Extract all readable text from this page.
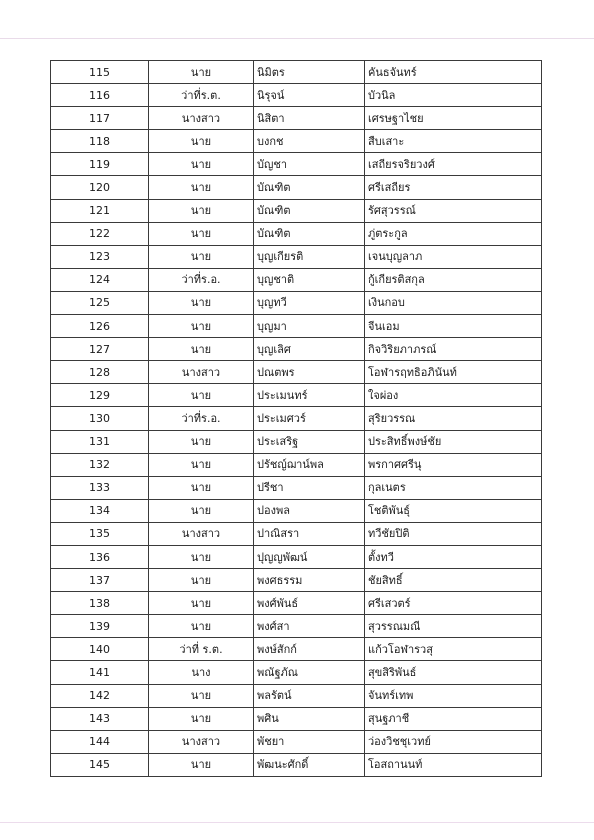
115	นาย	นิมิตร	คันธจันทร์
116	ว่าที่ร.ต.	นิรุจน์	บัวนิล
117	นางสาว	นิสิตา	เศรษฐาไชย
118	นาย	บงกช	สืบเสาะ
119	นาย	บัญชา	เสถียรจริยวงศ์
120	นาย	บัณฑิต	ศรีเสถียร
121	นาย	บัณฑิต	รัศสุวรรณ์
122	นาย	บัณฑิต	ภู่ตระกูล
123	นาย	บุญเกียรติ	เจนบุญลาภ
124	ว่าที่ร.อ.	บุญชาติ	กู้เกียรติสกุล
125	นาย	บุญทวี	เงินกอบ
126	นาย	บุญมา	จีนเอม
127	นาย	บุญเลิศ	กิจวิริยภาภรณ์
128	นางสาว	ปณตพร	โอฬารฤทธิอภินันท์
129	นาย	ประเมนทร์	ใจผ่อง
130	ว่าที่ร.อ.	ประเมศวร์	สุริยวรรณ
131	นาย	ประเสริฐ	ประสิทธิ์พงษ์ชัย
132	นาย	ปรัชญ์ฌาน์พล	พรกาศศรีนุ
133	นาย	ปรีชา	กุลเนตร
134	นาย	ปองพล	โชติพันธุ์
135	นางสาว	ปาณิสรา	ทวีชัยปิติ
136	นาย	ปุญญพัฒน์	ตั้งทวี
137	นาย	พงศธรรม	ชัยสิทธิ์
138	นาย	พงศ์พันธ์	ศรีเสวตร์
139	นาย	พงศ์สา	สุวรรณมณี
140	ว่าที่ ร.ต.	พงษ์สักก์	แก้วโอฬารวสุ
141	นาง	พณัฐภัณ	สุขสิริพันธ์
142	นาย	พลรัตน์	จันทร์เทพ
143	นาย	พศิน	สุนฐภาชี
144	นางสาว	พัชยา	ว่องวิชชุเวทย์
145	นาย	พัฒนะศักดิ์	โอสถานนท์
